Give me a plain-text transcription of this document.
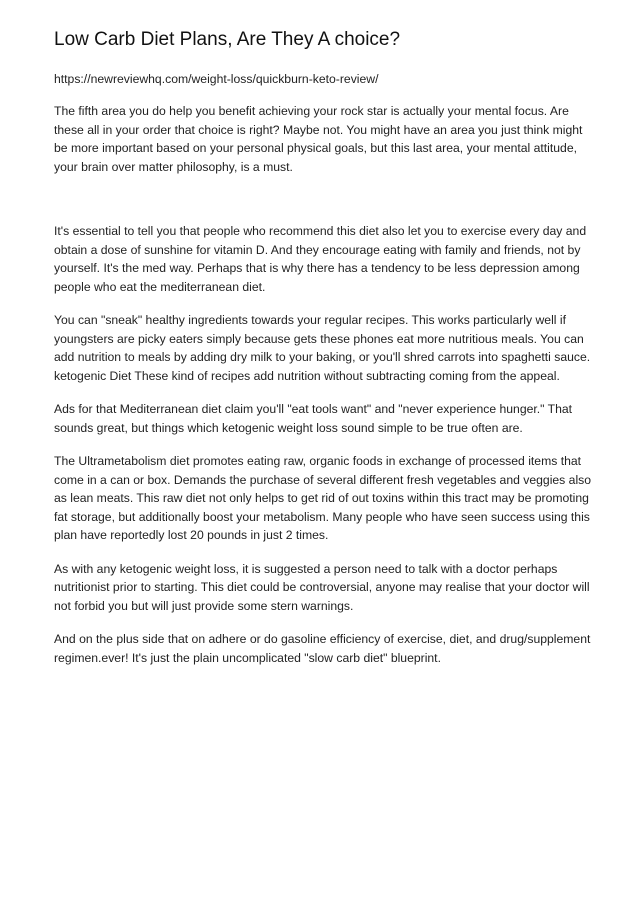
Low Carb Diet Plans, Are They A choice?

https://newreviewhq.com/weight-loss/quickburn-keto-review/

The fifth area you do help you benefit achieving your rock star is actually your mental focus. Are these all in your order that choice is right? Maybe not. You might have an area you just think might be more important based on your personal physical goals, but this last area, your mental attitude, your brain over matter philosophy, is a must.

It's essential to tell you that people who recommend this diet also let you to exercise every day and obtain a dose of sunshine for vitamin D. And they encourage eating with family and friends, not by yourself. It's the med way. Perhaps that is why there has a tendency to be less depression among people who eat the mediterranean diet.

You can "sneak" healthy ingredients towards your regular recipes. This works particularly well if youngsters are picky eaters simply because gets these phones eat more nutritious meals. You can add nutrition to meals by adding dry milk to your baking, or you'll shred carrots into spaghetti sauce. ketogenic Diet These kind of recipes add nutrition without subtracting coming from the appeal.

Ads for that Mediterranean diet claim you'll "eat tools want" and "never experience hunger." That sounds great, but things which ketogenic weight loss sound simple to be true often are.

The Ultrametabolism diet promotes eating raw, organic foods in exchange of processed items that come in a can or box. Demands the purchase of several different fresh vegetables and veggies also as lean meats. This raw diet not only helps to get rid of out toxins within this tract may be promoting fat storage, but additionally boost your metabolism. Many people who have seen success using this plan have reportedly lost 20 pounds in just 2 times.

As with any ketogenic weight loss, it is suggested a person need to talk with a doctor perhaps nutritionist prior to starting. This diet could be controversial, anyone may realise that your doctor will not forbid you but will just provide some stern warnings.

And on the plus side that on adhere or do gasoline efficiency of exercise, diet, and drug/supplement regimen.ever! It's just the plain uncomplicated "slow carb diet" blueprint.
